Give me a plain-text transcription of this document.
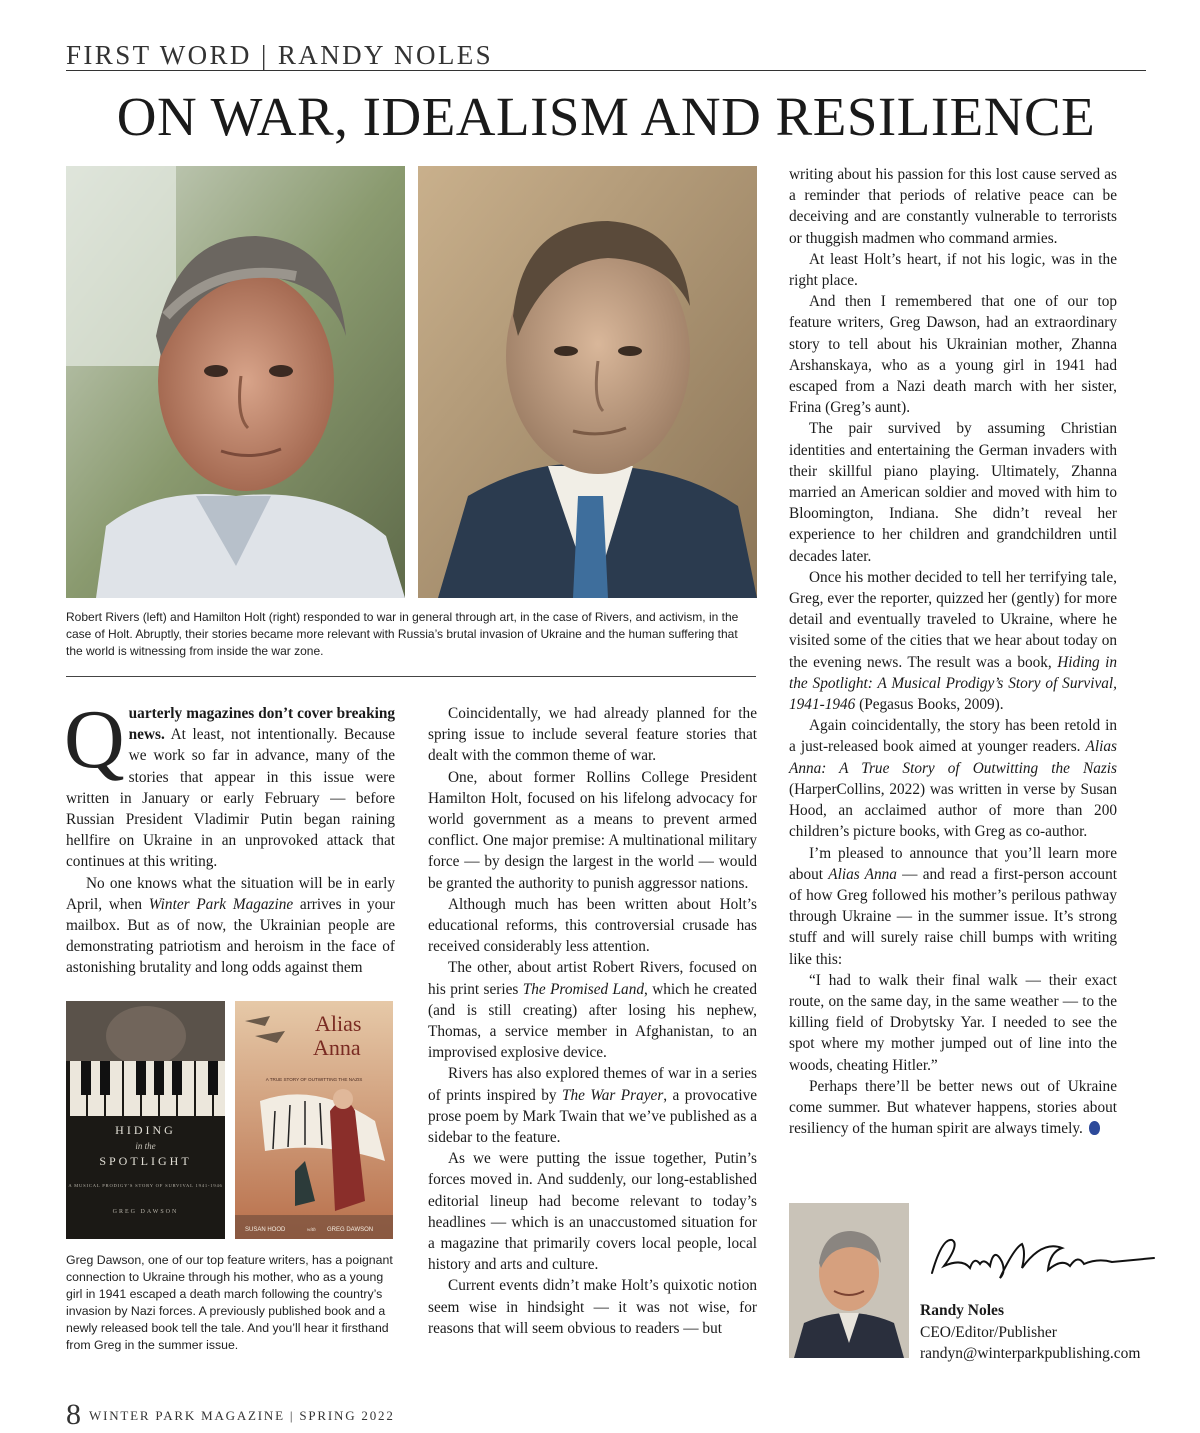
FIRST WORD | RANDY NOLES
ON WAR, IDEALISM AND RESILIENCE
Robert Rivers (left) and Hamilton Holt (right) responded to war in general through art, in the case of Rivers, and activism, in the case of Holt. Abruptly, their stories became more relevant with Russia’s brutal invasion of Ukraine and the human suffering that the world is witnessing from inside the war zone.

Quarterly magazines don’t cover breaking news. At least, not intentionally. Because we work so far in advance, many of the stories that appear in this issue were written in January or early February — before Russian President Vladimir Putin began raining hellfire on Ukraine in an unprovoked attack that continues at this writing.

No one knows what the situation will be in early April, when Winter Park Magazine arrives in your mailbox. But as of now, the Ukrainian people are demonstrating patriotism and heroism in the face of astonishing brutality and long odds against them

HIDING
in the
SPOTLIGHT
A MUSICAL PRODIGY'S STORY OF SURVIVAL 1941-1946
GREG DAWSON
Alias
Anna
A TRUE STORY OF OUTWITTING THE NAZIS
SUSAN HOOD	with GREG DAWSON
Greg Dawson, one of our top feature writers, has a poignant connection to Ukraine through his mother, who as a young girl in 1941 escaped a death march following the country’s invasion by Nazi forces. A previously published book and a newly released book tell the tale. And you’ll hear it firsthand from Greg in the summer issue.

Coincidentally, we had already planned for the spring issue to include several feature stories that dealt with the common theme of war.

One, about former Rollins College President Hamilton Holt, focused on his lifelong advocacy for world government as a means to prevent armed conflict. One major premise: A multinational military force — by design the largest in the world — would be granted the authority to punish aggressor nations.

Although much has been written about Holt’s educational reforms, this controversial crusade has received considerably less attention.

The other, about artist Robert Rivers, focused on his print series The Promised Land, which he created (and is still creating) after losing his nephew, Thomas, a service member in Afghanistan, to an improvised explosive device.

Rivers has also explored themes of war in a series of prints inspired by The War Prayer, a provocative prose poem by Mark Twain that we’ve published as a sidebar to the feature.

As we were putting the issue together, Putin’s forces moved in. And suddenly, our long-established editorial lineup had become relevant to today’s headlines — which is an unaccustomed situation for a magazine that primarily covers local people, local history and arts and culture.

Current events didn’t make Holt’s quixotic notion seem wise in hindsight — it was not wise, for reasons that will seem obvious to readers — but

writing about his passion for this lost cause served as a reminder that periods of relative peace can be deceiving and are constantly vulnerable to terrorists or thuggish madmen who command armies.

At least Holt’s heart, if not his logic, was in the right place.

And then I remembered that one of our top feature writers, Greg Dawson, had an extraordinary story to tell about his Ukrainian mother, Zhanna Arshanskaya, who as a young girl in 1941 had escaped from a Nazi death march with her sister, Frina (Greg’s aunt).

The pair survived by assuming Christian identities and entertaining the German invaders with their skillful piano playing. Ultimately, Zhanna married an American soldier and moved with him to Bloomington, Indiana. She didn’t reveal her experience to her children and grandchildren until decades later.

Once his mother decided to tell her terrifying tale, Greg, ever the reporter, quizzed her (gently) for more detail and eventually traveled to Ukraine, where he visited some of the cities that we hear about today on the evening news. The result was a book, Hiding in the Spotlight: A Musical Prodigy’s Story of Survival, 1941-1946 (Pegasus Books, 2009).

Again coincidentally, the story has been retold in a just-released book aimed at younger readers. Alias Anna: A True Story of Outwitting the Nazis (HarperCollins, 2022) was written in verse by Susan Hood, an acclaimed author of more than 200 children’s picture books, with Greg as co-author.

I’m pleased to announce that you’ll learn more about Alias Anna — and read a first-person account of how Greg followed his mother’s perilous pathway through Ukraine — in the summer issue. It’s strong stuff and will surely raise chill bumps with writing like this:

“I had to walk their final walk — their exact route, on the same day, in the same weather — to the killing field of Drobytsky Yar. I needed to see the spot where my mother jumped out of line into the woods, cheating Hitler.”

Perhaps there’ll be better news out of Ukraine come summer. But whatever happens, stories about resiliency of the human spirit are always timely.

Randy Noles
CEO/Editor/Publisher
randyn@winterparkpublishing.com
8 WINTER PARK MAGAZINE | SPRING 2022
